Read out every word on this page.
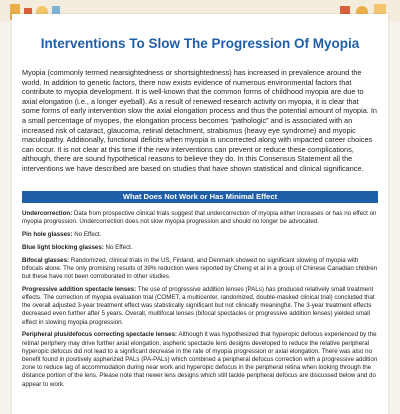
Interventions To Slow The Progression Of Myopia

Myopia (commonly termed nearsightedness or shortsightedness) has increased in prevalence around the world. In addition to genetic factors, there now exists evidence of numerous environmental factors that contribute to myopia development. It is well-known that the common forms of childhood myopia are due to axial elongation (i.e., a longer eyeball). As a result of renewed research activity on myopia, it is clear that some forms of early intervention slow the axial elongation process and thus the potential amount of myopia. In a small percentage of myopes, the elongation process becomes “pathologic” and is associated with an increased risk of cataract, glaucoma, retinal detachment, strabismus (heavy eye syndrome) and myopic maculopathy. Additionally, functional deficits when myopia is uncorrected along with impacted career choices can occur. It is not clear at this time if the new interventions can prevent or reduce these complications, although, there are sound hypothetical reasons to believe they do. In this Consensus Statement all the interventions we have described are based on studies that have shown statistical and clinical significance.

What Does Not Work or Has Minimal Effect

Undercorrection: Data from prospective clinical trials suggest that undercorrection of myopia either increases or has no effect on myopia progression. Undercorrection does not slow myopia progression and should no longer be advocated.

Pin hole glasses: No Effect.

Blue light blocking glasses: No Effect.

Bifocal glasses: Randomized, clinical trials in the US, Finland, and Denmark showed no significant slowing of myopia with bifocals alone. The only promising results of 39% reduction were reported by Cheng et al in a group of Chinese Canadian children but these have not been corroborated in other studies.

Progressive addition spectacle lenses: The use of progressive addition lenses (PALs) has produced relatively small treatment effects. The correction of myopia evaluation trial (COMET, a multicenter, randomized, double-masked clinical trial) concluded that the overall adjusted 3-year treatment effect was statistically significant but not clinically meaningful. The 3-year treatment effects decreased even further after 5 years. Overall, multifocal lenses (bifocal spectacles or progressive addition lenses) yielded small effect in slowing myopia progression.

Peripheral plus/defocus correcting spectacle lenses: Although it was hypothesized that hyperopic defocus experienced by the retinal periphery may drive further axial elongation, aspheric spectacle lens designs developed to reduce the relative peripheral hyperopic defocus did not lead to a significant decrease in the rate of myopia progression or axial elongation. There was also no benefit found in positively aspherized PALs (PA-PALs) which combined a peripheral defocus correction with a progressive addition zone to reduce lag of accommodation during near work and hyperopic defocus in the peripheral retina when looking through the distance portion of the lens. Please note that newer lens designs which still tackle peripheral defocus are discussed below and do appear to work.
